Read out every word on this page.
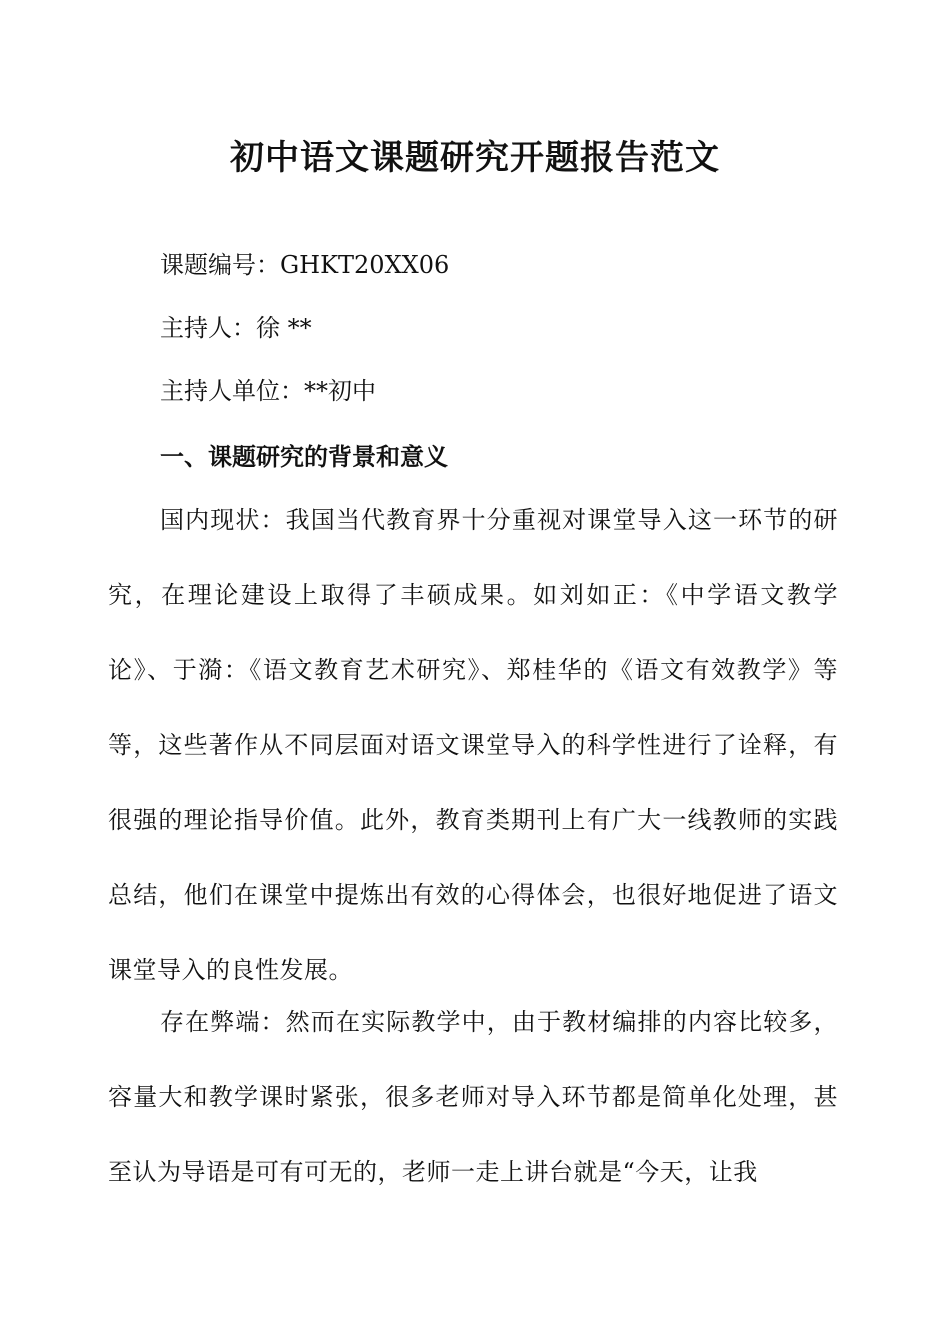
初中语文课题研究开题报告范文

课题编号：GHKT20XX06

主持人：徐 **

主持人单位：**初中

一、课题研究的背景和意义

国内现状：我国当代教育界十分重视对课堂导入这一环节的研究，在理论建设上取得了丰硕成果。如刘如正：《中学语文教学论》、于漪：《语文教育艺术研究》、郑桂华的《语文有效教学》等等，这些著作从不同层面对语文课堂导入的科学性进行了诠释，有很强的理论指导价值。此外，教育类期刊上有广大一线教师的实践总结，他们在课堂中提炼出有效的心得体会，也很好地促进了语文课堂导入的良性发展。

存在弊端：然而在实际教学中，由于教材编排的内容比较多，容量大和教学课时紧张，很多老师对导入环节都是简单化处理，甚至认为导语是可有可无的，老师一走上讲台就是“今天，让我
